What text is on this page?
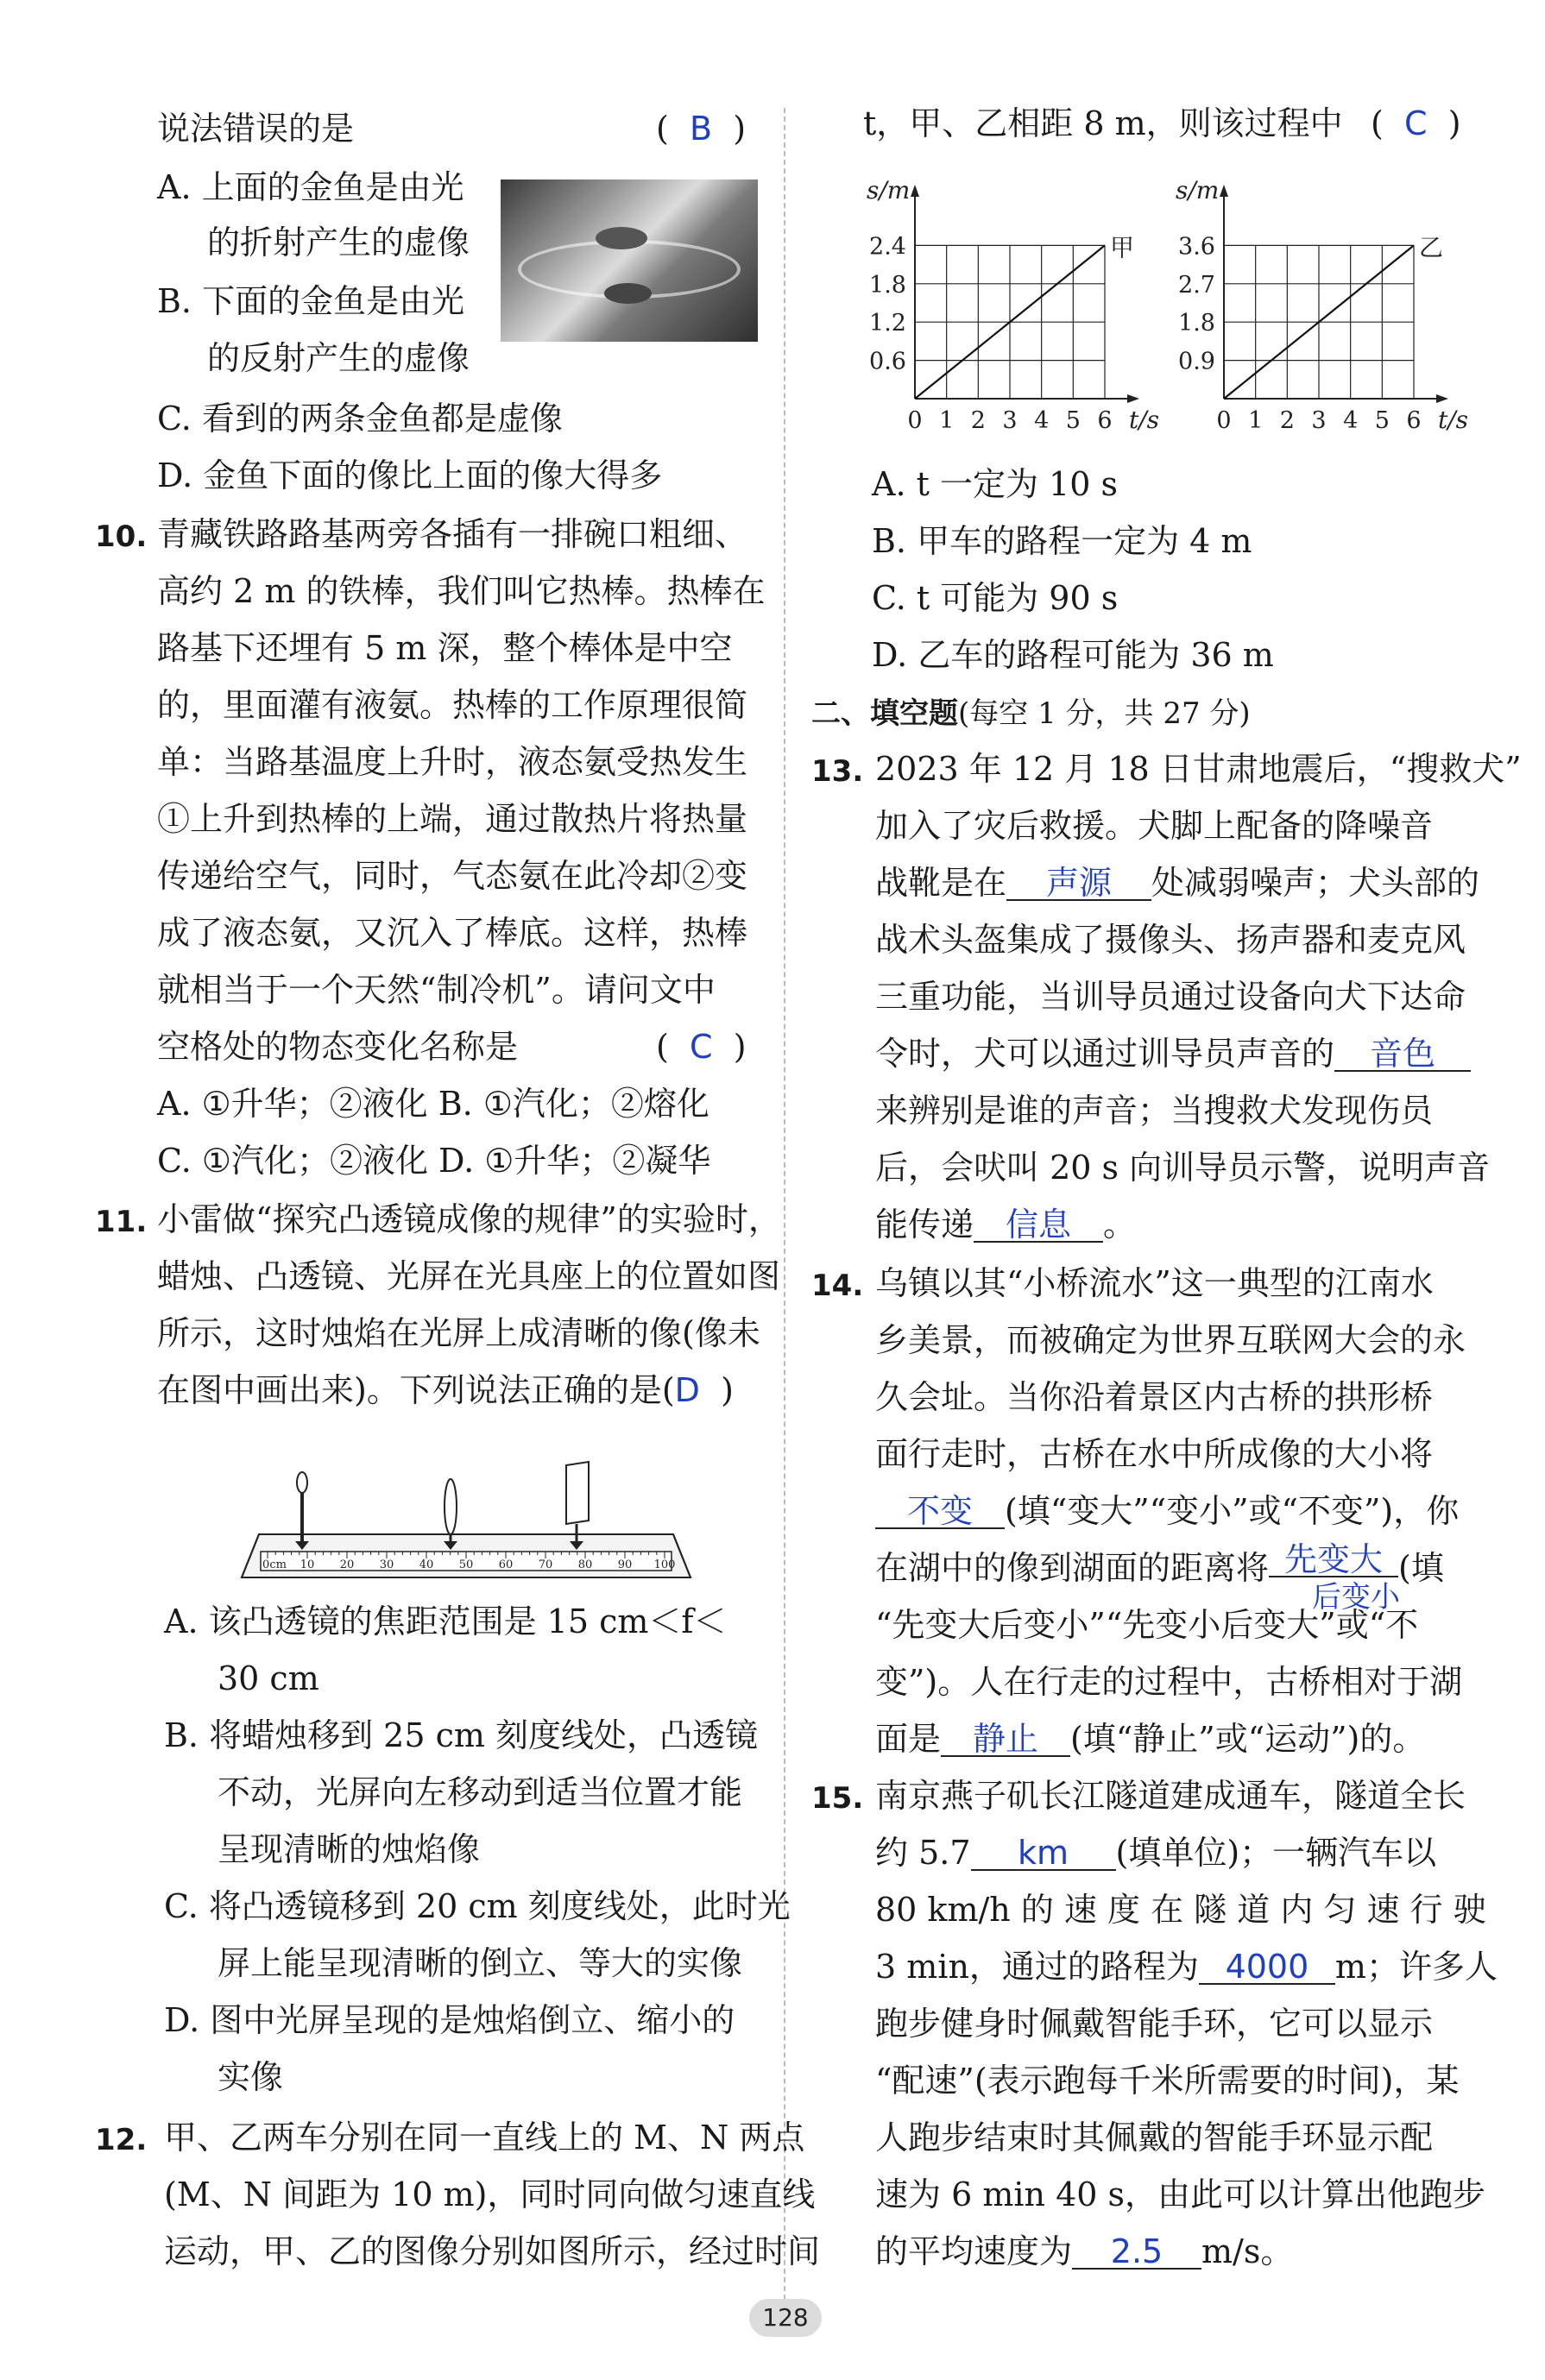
说法错误的是	(  B  )
A. 上面的金鱼是由光
的折射产生的虚像
B. 下面的金鱼是由光
的反射产生的虚像
C. 看到的两条金鱼都是虚像
D. 金鱼下面的像比上面的像大得多
10. 青藏铁路路基两旁各插有一排碗口粗细、
高约 2 m 的铁棒，我们叫它热棒。热棒在
路基下还埋有 5 m 深，整个棒体是中空
的，里面灌有液氨。热棒的工作原理很简
单：当路基温度上升时，液态氨受热发生
①上升到热棒的上端，通过散热片将热量
传递给空气，同时，气态氨在此冷却②变
成了液态氨，又沉入了棒底。这样，热棒
就相当于一个天然“制冷机”。请问文中
空格处的物态变化名称是	(  C  )
A. ①升华；②液化 B. ①汽化；②熔化
C. ①汽化；②液化 D. ①升华；②凝华
11. 小雷做“探究凸透镜成像的规律”的实验时，
蜡烛、凸透镜、光屏在光具座上的位置如图
所示，这时烛焰在光屏上成清晰的像(像未
在图中画出来)。下列说法正确的是(D  )
0cm 10 20 30 40 50 60 70 80 90 100
A. 该凸透镜的焦距范围是 15 cm＜f＜
30 cm
B. 将蜡烛移到 25 cm 刻度线处，凸透镜
不动，光屏向左移动到适当位置才能
呈现清晰的烛焰像
C. 将凸透镜移到 20 cm 刻度线处，此时光
屏上能呈现清晰的倒立、等大的实像
D. 图中光屏呈现的是烛焰倒立、缩小的
实像
12. 甲、乙两车分别在同一直线上的 M、N 两点
(M、N 间距为 10 m)，同时同向做匀速直线
运动，甲、乙的图像分别如图所示，经过时间
t，甲、乙相距 8 m，则该过程中 (  C  )
s/m
t/s
2.4
1.8
1.2
0.6
0 1 2 3 4 5 6
甲
s/m
t/s
3.6
2.7
1.8
0.9
0 1 2 3 4 5 6
乙
A. t 一定为 10 s
B. 甲车的路程一定为 4 m
C. t 可能为 90 s
D. 乙车的路程可能为 36 m
二、填空题(每空 1 分，共 27 分)
13. 2023 年 12 月 18 日甘肃地震后，“搜救犬”
加入了灾后救援。犬脚上配备的降噪音
战靴是在 声源 处减弱噪声；犬头部的
战术头盔集成了摄像头、扬声器和麦克风
三重功能，当训导员通过设备向犬下达命
令时，犬可以通过训导员声音的 音色
来辨别是谁的声音；当搜救犬发现伤员
后，会吠叫 20 s 向训导员示警，说明声音
能传递 信息 。
14. 乌镇以其“小桥流水”这一典型的江南水
乡美景，而被确定为世界互联网大会的永
久会址。当你沿着景区内古桥的拱形桥
面行走时，古桥在水中所成像的大小将
不变 (填“变大”“变小”或“不变”)，你
在湖中的像到湖面的距离将 先变大 (填
后变小
“先变大后变小”“先变小后变大”或“不
变”)。人在行走的过程中，古桥相对于湖
面是 静止 (填“静止”或“运动”)的。
15. 南京燕子矶长江隧道建成通车，隧道全长
约 5.7 km (填单位)；一辆汽车以
80 km/h 的 速 度 在 隧 道 内 匀 速 行 驶
3 min，通过的路程为 4000 m；许多人
跑步健身时佩戴智能手环，它可以显示
“配速”(表示跑每千米所需要的时间)，某
人跑步结束时其佩戴的智能手环显示配
速为 6 min 40 s，由此可以计算出他跑步
的平均速度为 2.5 m/s。
128
